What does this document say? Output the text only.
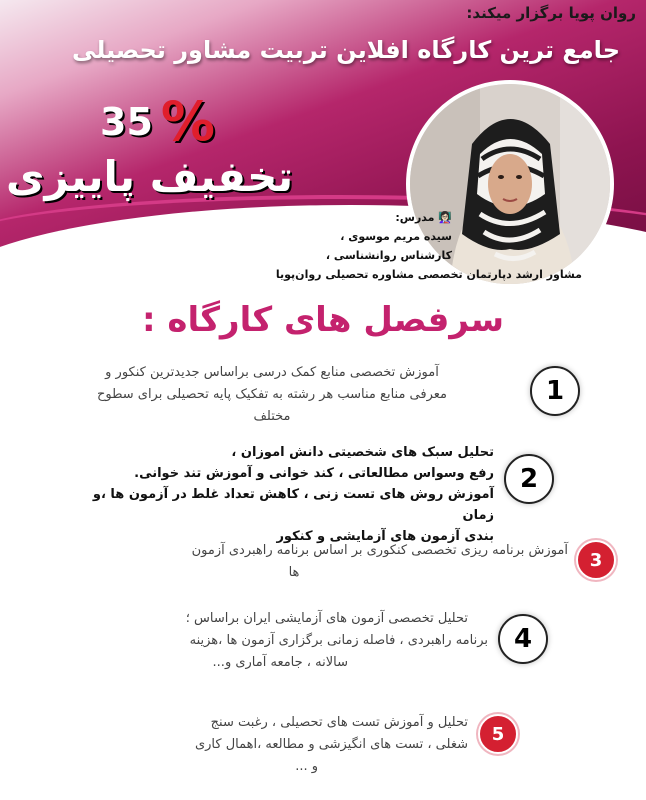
روان پویا برگزار میکند:
جامع ترین کارگاه افلاین تربیت مشاور تحصیلی
35 %
تخفیف پاییزی
👩🏻‍🏫 مدرس:
سیده مریم موسوی ،
کارشناس روانشناسی ،
مشاور ارشد دپارتمان تخصصی مشاوره تحصیلی روان‌پویا
سرفصل های کارگاه :
1
آموزش تخصصی منابع کمک درسی براساس جدیدترین کنکور و
معرفی منابع مناسب هر رشته به تفکیک پایه تحصیلی برای سطوح
مختلف
2
تحلیل سبک های شخصیتی دانش اموزان ،
رفع وسواس مطالعاتی ، کند خوانی و آموزش تند خوانی.
آموزش روش های تست زنی ، کاهش تعداد غلط در آزمون ها ،و زمان
بندی آزمون های آزمایشی و کنکور
3
آموزش برنامه ریزی تخصصی کنکوری بر اساس برنامه راهبردی آزمون
ها
4
تحلیل تخصصی آزمون های آزمایشی ایران براساس ؛
برنامه راهبردی ، فاصله زمانی برگزاری آزمون ها ،هزینه
سالانه ، جامعه آماری و...
5
تحلیل و آموزش تست های تحصیلی ، رغبت سنج
شغلی ، تست های انگیزشی و مطالعه ،اهمال کاری
و ...
